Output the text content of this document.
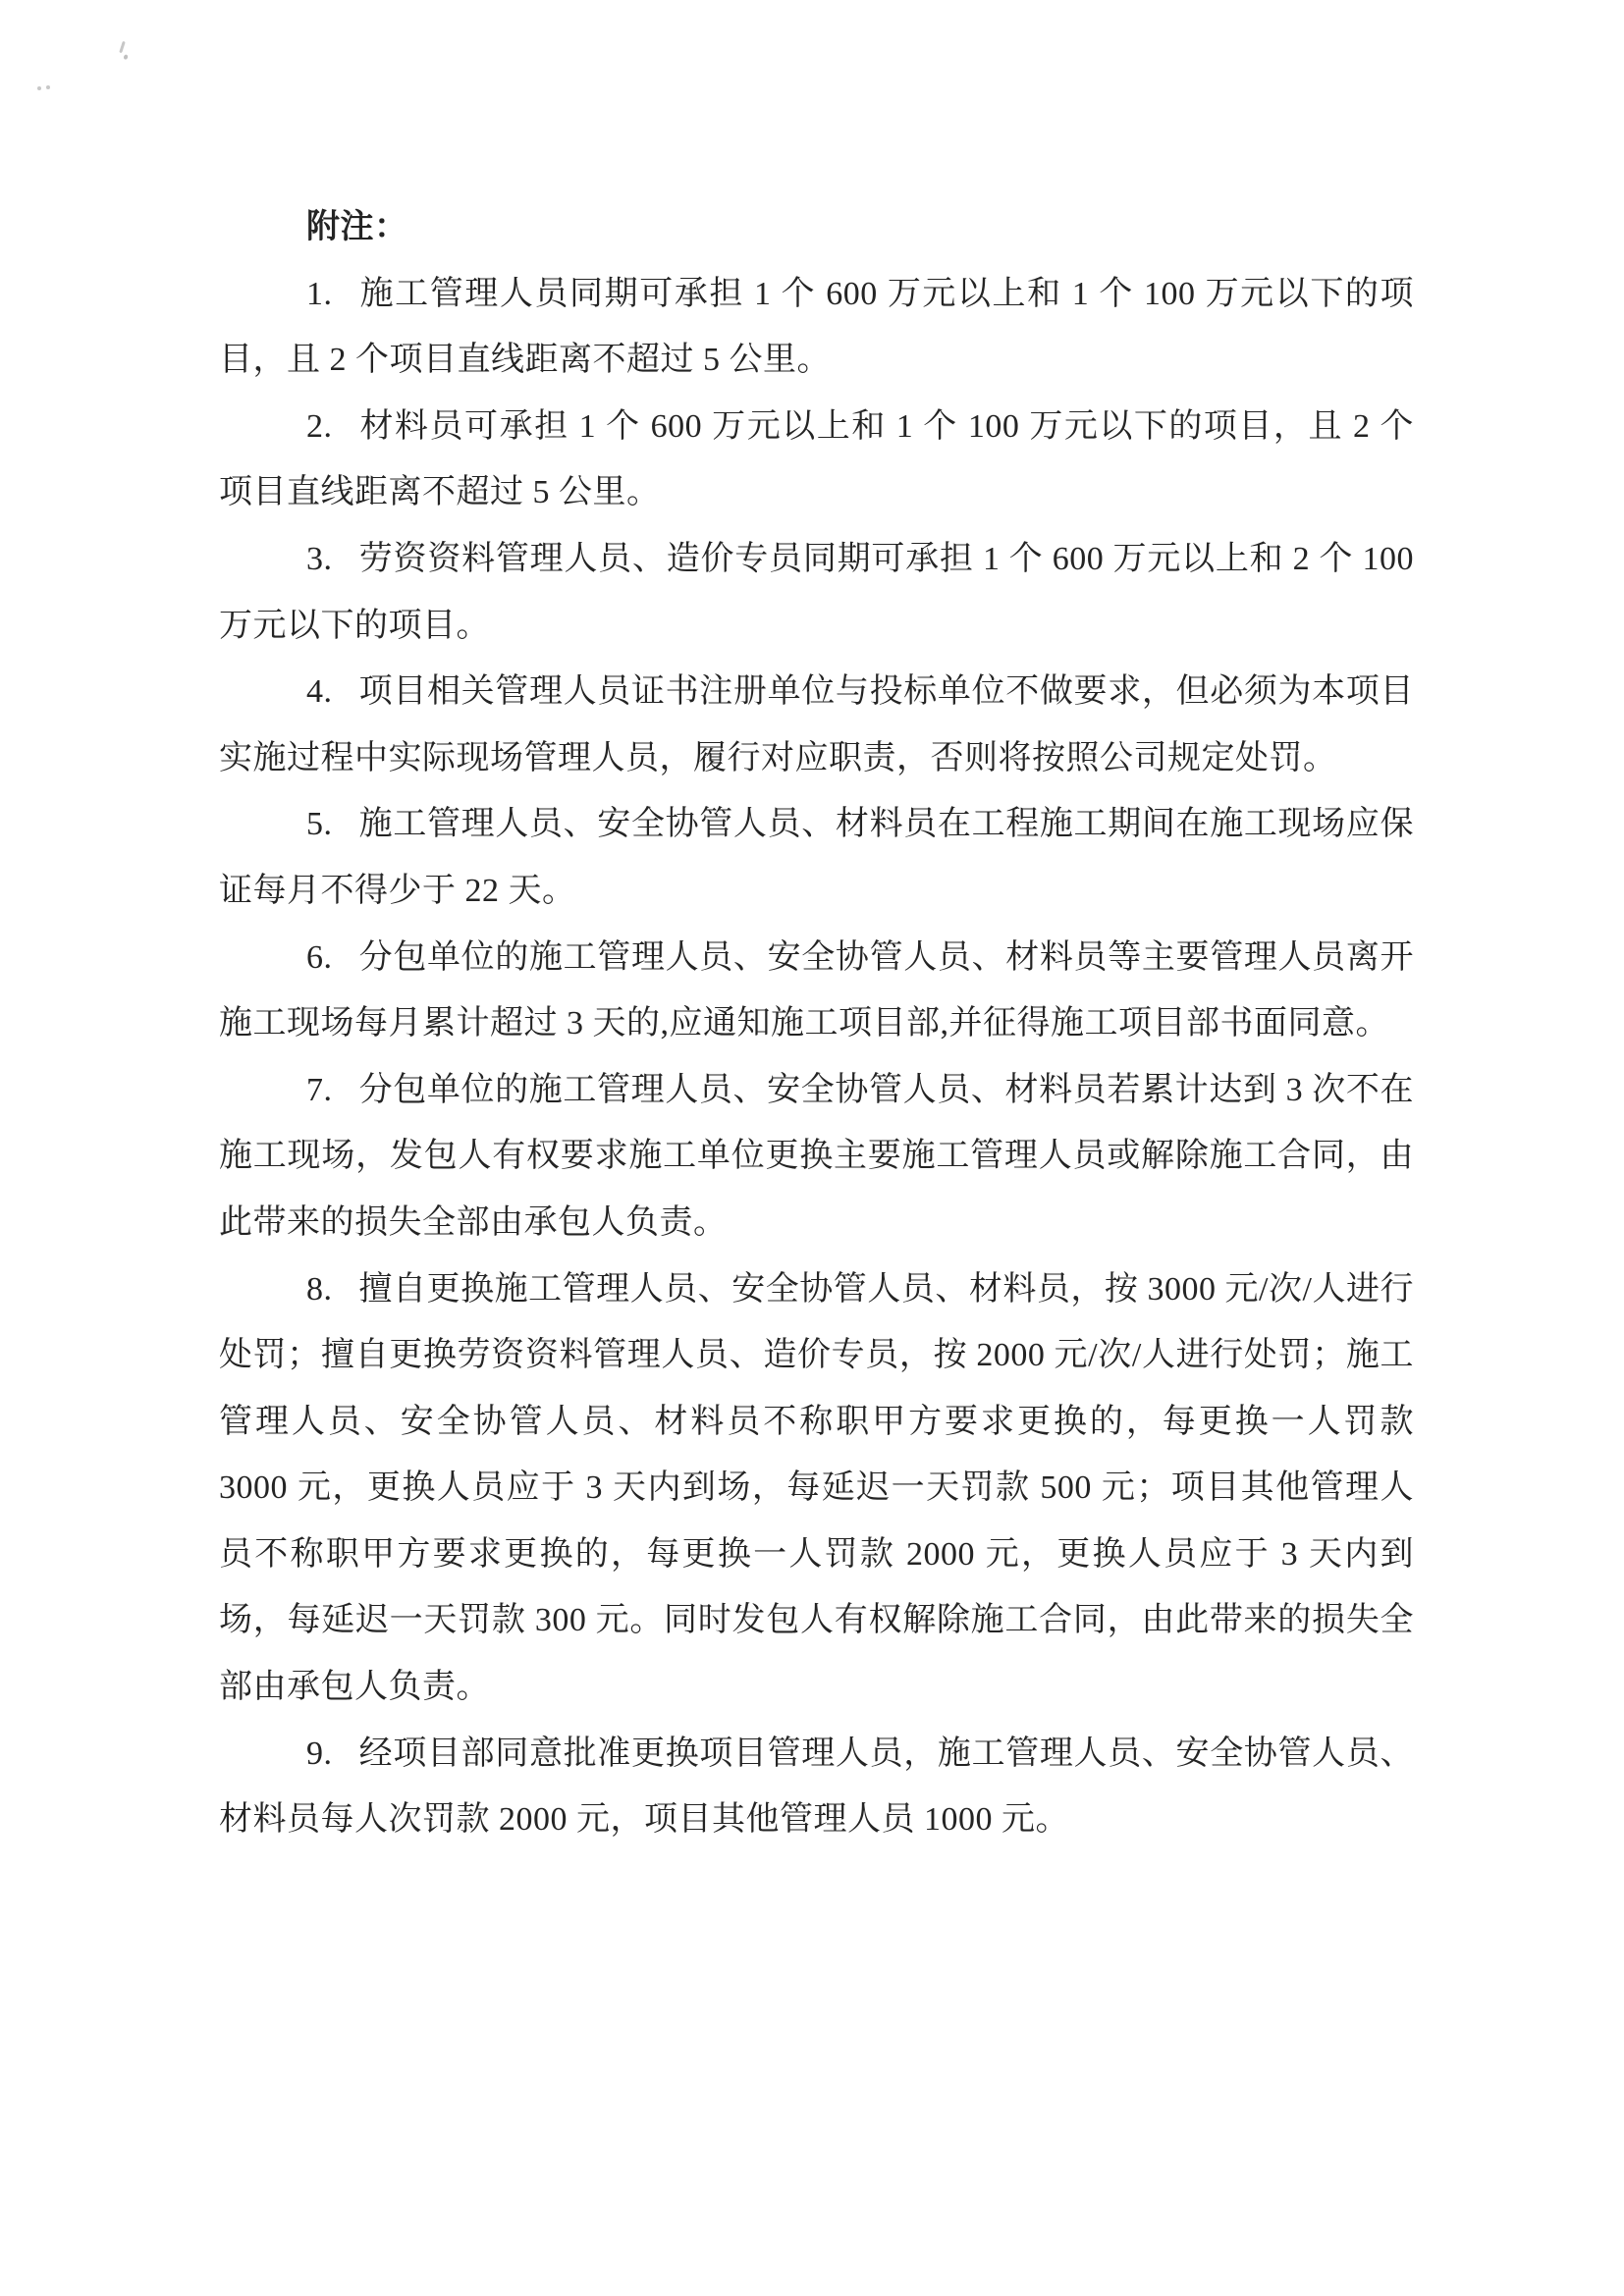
附注：

1. 施工管理人员同期可承担 1 个 600 万元以上和 1 个 100 万元以下的项目，且 2 个项目直线距离不超过 5 公里。

2. 材料员可承担 1 个 600 万元以上和 1 个 100 万元以下的项目，且 2 个项目直线距离不超过 5 公里。

3. 劳资资料管理人员、造价专员同期可承担 1 个 600 万元以上和 2 个 100 万元以下的项目。

4. 项目相关管理人员证书注册单位与投标单位不做要求，但必须为本项目实施过程中实际现场管理人员，履行对应职责，否则将按照公司规定处罚。

5. 施工管理人员、安全协管人员、材料员在工程施工期间在施工现场应保证每月不得少于 22 天。

6. 分包单位的施工管理人员、安全协管人员、材料员等主要管理人员离开施工现场每月累计超过 3 天的,应通知施工项目部,并征得施工项目部书面同意。

7. 分包单位的施工管理人员、安全协管人员、材料员若累计达到 3 次不在施工现场，发包人有权要求施工单位更换主要施工管理人员或解除施工合同，由此带来的损失全部由承包人负责。

8. 擅自更换施工管理人员、安全协管人员、材料员，按 3000 元/次/人进行处罚；擅自更换劳资资料管理人员、造价专员，按 2000 元/次/人进行处罚；施工管理人员、安全协管人员、材料员不称职甲方要求更换的，每更换一人罚款 3000 元，更换人员应于 3 天内到场，每延迟一天罚款 500 元；项目其他管理人员不称职甲方要求更换的，每更换一人罚款 2000 元，更换人员应于 3 天内到场，每延迟一天罚款 300 元。同时发包人有权解除施工合同，由此带来的损失全部由承包人负责。

9. 经项目部同意批准更换项目管理人员，施工管理人员、安全协管人员、材料员每人次罚款 2000 元，项目其他管理人员 1000 元。
